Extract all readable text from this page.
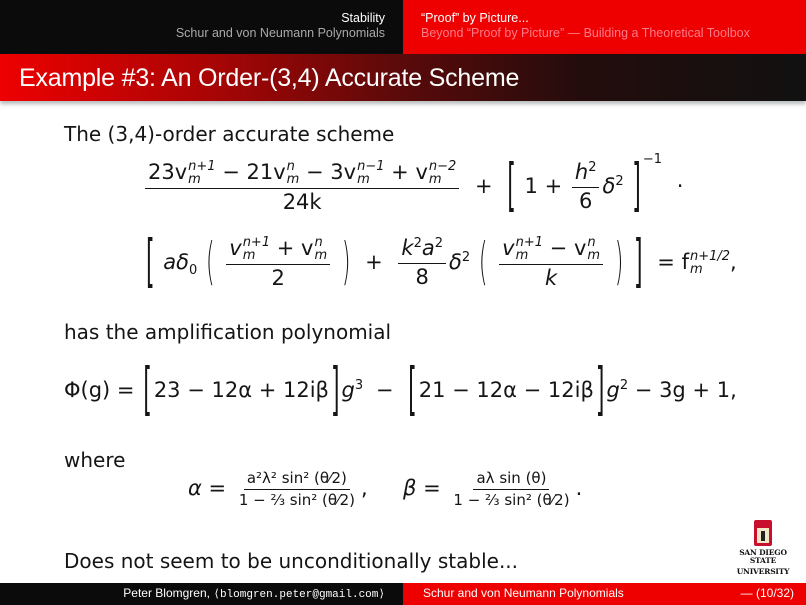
Stability
Schur and von Neumann Polynomials
“Proof” by Picture...
Beyond “Proof by Picture” — Building a Theoretical Toolbox
Example #3: An Order-(3,4) Accurate Scheme
The (3,4)-order accurate scheme
23v n+1
m − 21v n
m − 3v n−1
m + v n−2
m
24k + [ $1 + \frac{h^2}{6} \delta^2$ ] $^{-1}$ ·
[ $a\delta_0$ ( v n+1
m	+ v n
m
2 ) + $\frac{k^2a^2}{8} \delta^2$ ( v n+1
m	− v n
m
k ) ] = f n+1/2
m	,
has the amplification polynomial
$\Phi(g) = [23 - 12\alpha + 12i\beta]g^3 - [21 - 12\alpha - 12i\beta]g^2 - 3g + 1$,
where
$\alpha = \frac{\text{a²λ² sin² (θ⁄2)}}{\text{1 − ⅔ sin² (θ⁄2)}}$ , $\beta = \frac{\text{aλ sin (θ)}}{\text{1 − ⅔ sin² (θ⁄2)}}$ .
Does not seem to be unconditionally stable...	SAN DIEGO STATE
UNIVERSITY
Peter Blomgren, ⟨blomgren.peter@gmail.com⟩	Schur and von Neumann Polynomials	— (10/32)
